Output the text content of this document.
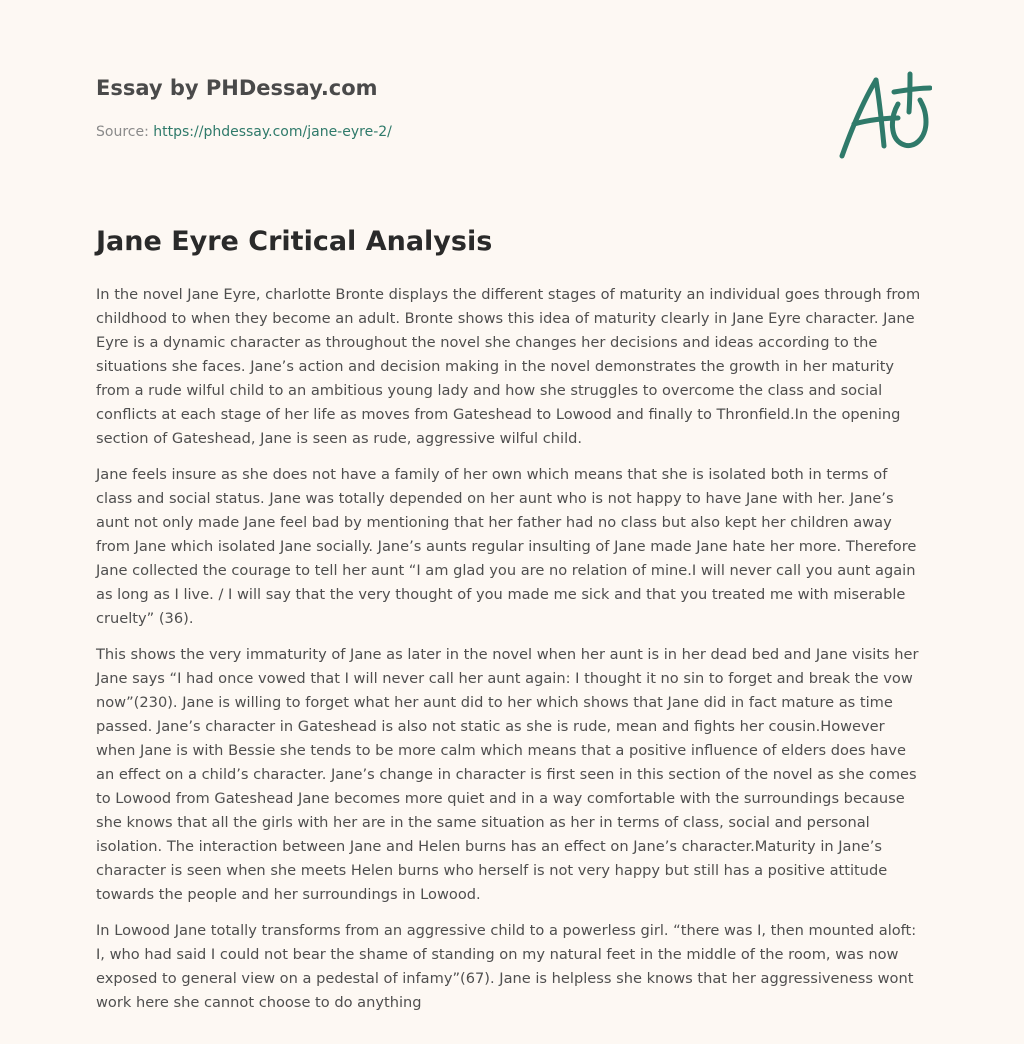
Essay by PHDessay.com
Source: https://phdessay.com/jane-eyre-2/
Jane Eyre Critical Analysis

In the novel Jane Eyre, charlotte Bronte displays the different stages of maturity an individual goes through from childhood to when they become an adult. Bronte shows this idea of maturity clearly in Jane Eyre character. Jane Eyre is a dynamic character as throughout the novel she changes her decisions and ideas according to the situations she faces. Jane’s action and decision making in the novel demonstrates the growth in her maturity from a rude wilful child to an ambitious young lady and how she struggles to overcome the class and social conflicts at each stage of her life as moves from Gateshead to Lowood and finally to Thronfield.In the opening section of Gateshead, Jane is seen as rude, aggressive wilful child.

Jane feels insure as she does not have a family of her own which means that she is isolated both in terms of class and social status. Jane was totally depended on her aunt who is not happy to have Jane with her. Jane’s aunt not only made Jane feel bad by mentioning that her father had no class but also kept her children away from Jane which isolated Jane socially. Jane’s aunts regular insulting of Jane made Jane hate her more. Therefore Jane collected the courage to tell her aunt “I am glad you are no relation of mine.I will never call you aunt again as long as I live. / I will say that the very thought of you made me sick and that you treated me with miserable cruelty” (36).

This shows the very immaturity of Jane as later in the novel when her aunt is in her dead bed and Jane visits her Jane says “I had once vowed that I will never call her aunt again: I thought it no sin to forget and break the vow now”(230). Jane is willing to forget what her aunt did to her which shows that Jane did in fact mature as time passed. Jane’s character in Gateshead is also not static as she is rude, mean and fights her cousin.However when Jane is with Bessie she tends to be more calm which means that a positive influence of elders does have an effect on a child’s character. Jane’s change in character is first seen in this section of the novel as she comes to Lowood from Gateshead Jane becomes more quiet and in a way comfortable with the surroundings because she knows that all the girls with her are in the same situation as her in terms of class, social and personal isolation. The interaction between Jane and Helen burns has an effect on Jane’s character.Maturity in Jane’s character is seen when she meets Helen burns who herself is not very happy but still has a positive attitude towards the people and her surroundings in Lowood.

In Lowood Jane totally transforms from an aggressive child to a powerless girl. “there was I, then mounted aloft: I, who had said I could not bear the shame of standing on my natural feet in the middle of the room, was now exposed to general view on a pedestal of infamy”(67). Jane is helpless she knows that her aggressiveness wont work here she cannot choose to do anything
